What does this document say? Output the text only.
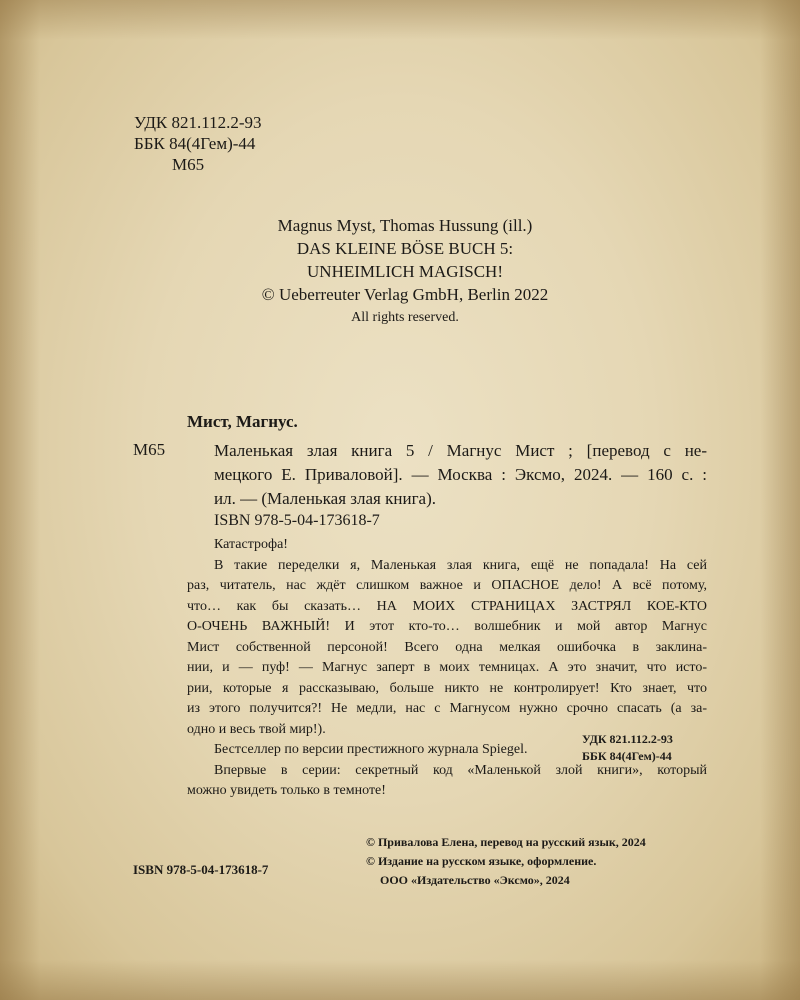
УДК 821.112.2-93
ББК 84(4Гем)-44
М65
Magnus Myst, Thomas Hussung (ill.)
DAS KLEINE BÖSE BUCH 5:
UNHEIMLICH MAGISCH!
© Ueberreuter Verlag GmbH, Berlin 2022
All rights reserved.
Мист, Магнус.
М65	Маленькая злая книга 5 / Магнус Мист ; [перевод с не-

мецкого Е. Приваловой]. — Москва : Эксмо, 2024. — 160 с. :

ил. — (Маленькая злая книга).

ISBN 978-5-04-173618-7

Катастрофа!

В такие переделки я, Маленькая злая книга, ещё не попадала! На сей

раз, читатель, нас ждёт слишком важное и ОПАСНОЕ дело! А всё потому,

что… как бы сказать… НА МОИХ СТРАНИЦАХ ЗАСТРЯЛ КОЕ-КТО

О-ОЧЕНЬ ВАЖНЫЙ! И этот кто-то… волшебник и мой автор Магнус

Мист собственной персоной! Всего одна мелкая ошибочка в заклина-

нии, и — пуф! — Магнус заперт в моих темницах. А это значит, что исто-

рии, которые я рассказываю, больше никто не контролирует! Кто знает, что

из этого получится?! Не медли, нас с Магнусом нужно срочно спасать (а за-

одно и весь твой мир!).

Бестселлер по версии престижного журнала Spiegel.

Впервые в серии: секретный код «Маленькой злой книги», который

можно увидеть только в темноте!

УДК 821.112.2-93
ББК 84(4Гем)-44
© Привалова Елена, перевод на русский язык, 2024
© Издание на русском языке, оформление.
ООО «Издательство «Эксмо», 2024
ISBN 978-5-04-173618-7
